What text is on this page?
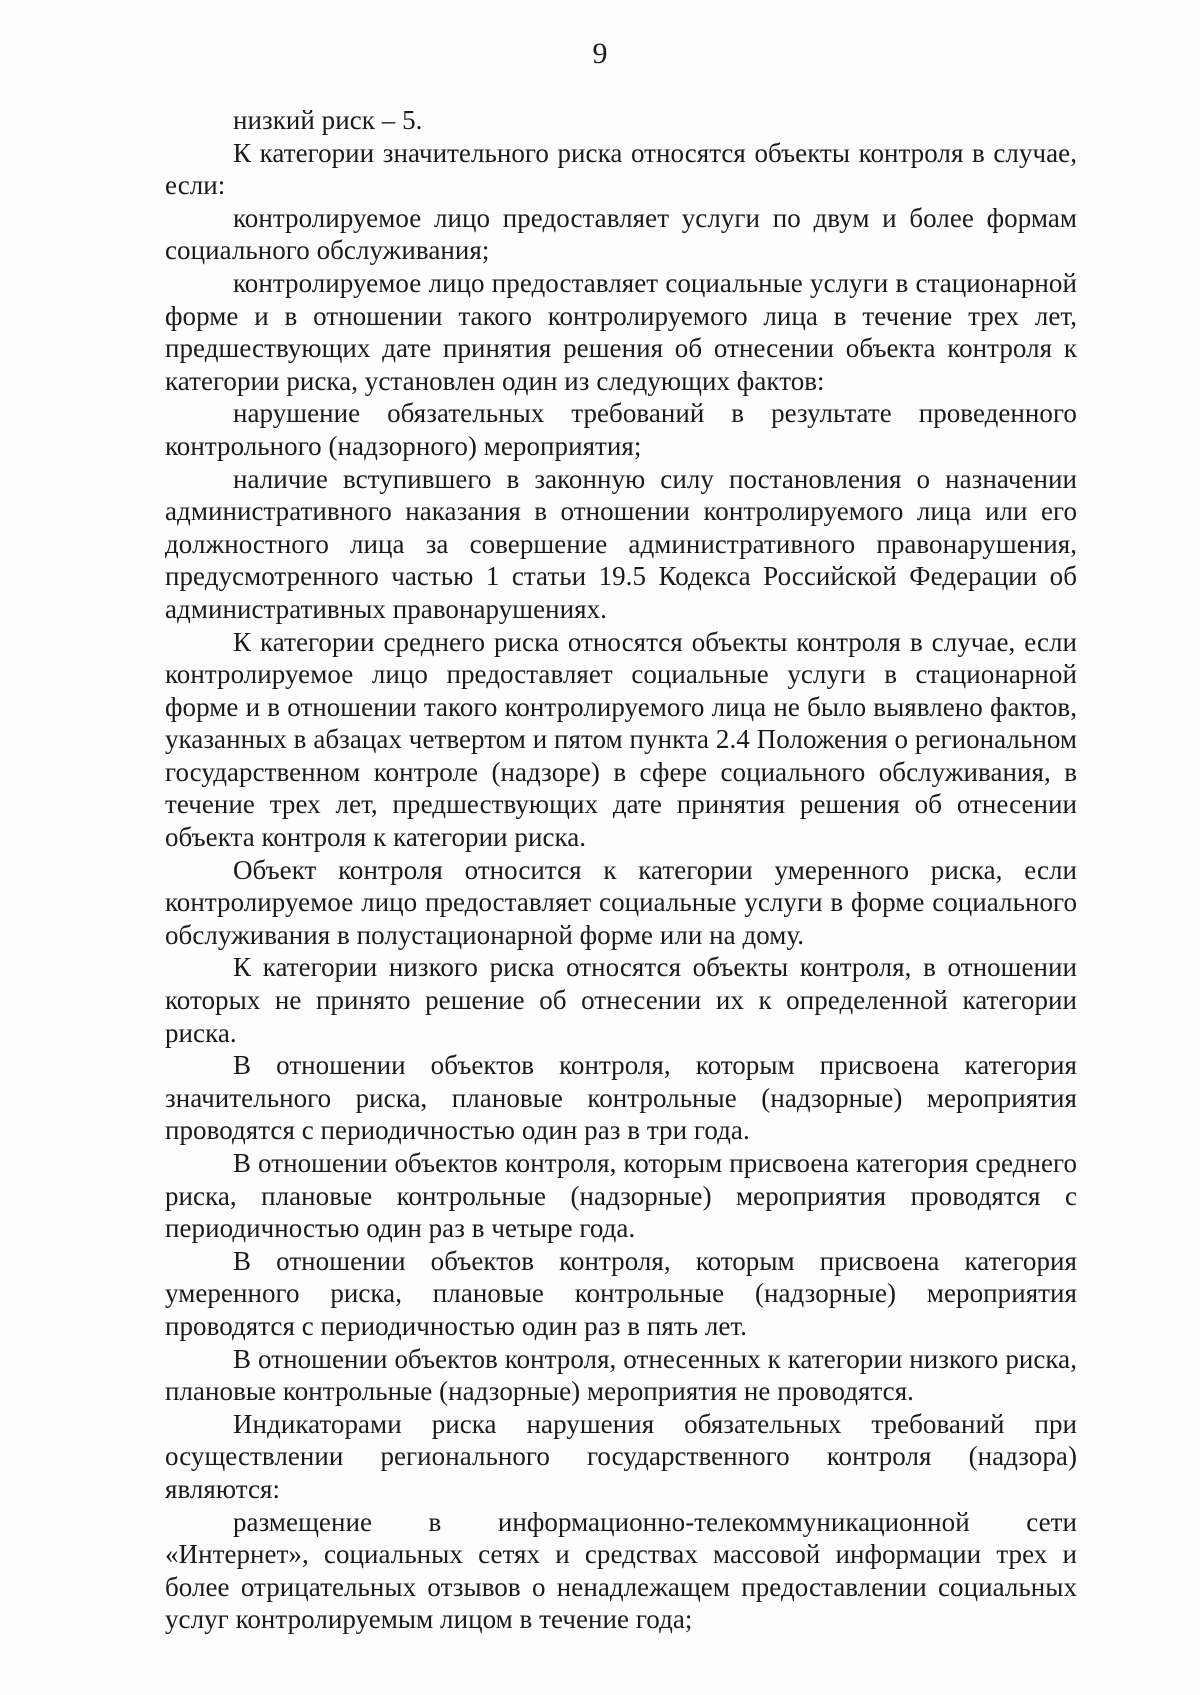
9

низкий риск – 5.

К категории значительного риска относятся объекты контроля в случае, если:

контролируемое лицо предоставляет услуги по двум и более формам социального обслуживания;

контролируемое лицо предоставляет социальные услуги в стационарной форме и в отношении такого контролируемого лица в течение трех лет, предшествующих дате принятия решения об отнесении объекта контроля к категории риска, установлен один из следующих фактов:

нарушение обязательных требований в результате проведенного контрольного (надзорного) мероприятия;

наличие вступившего в законную силу постановления о назначении административного наказания в отношении контролируемого лица или его должностного лица за совершение административного правонарушения, предусмотренного частью 1 статьи 19.5 Кодекса Российской Федерации об административных правонарушениях.

К категории среднего риска относятся объекты контроля в случае, если контролируемое лицо предоставляет социальные услуги в стационарной форме и в отношении такого контролируемого лица не было выявлено фактов, указанных в абзацах четвертом и пятом пункта 2.4 Положения о региональном государственном контроле (надзоре) в сфере социального обслуживания, в течение трех лет, предшествующих дате принятия решения об отнесении объекта контроля к категории риска.

Объект контроля относится к категории умеренного риска, если контролируемое лицо предоставляет социальные услуги в форме социального обслуживания в полустационарной форме или на дому.

К категории низкого риска относятся объекты контроля, в отношении которых не принято решение об отнесении их к определенной категории риска.

В отношении объектов контроля, которым присвоена категория значительного риска, плановые контрольные (надзорные) мероприятия проводятся с периодичностью один раз в три года.

В отношении объектов контроля, которым присвоена категория среднего риска, плановые контрольные (надзорные) мероприятия проводятся с периодичностью один раз в четыре года.

В отношении объектов контроля, которым присвоена категория умеренного риска, плановые контрольные (надзорные) мероприятия проводятся с периодичностью один раз в пять лет.

В отношении объектов контроля, отнесенных к категории низкого риска, плановые контрольные (надзорные) мероприятия не проводятся.

Индикаторами риска нарушения обязательных требований при осуществлении регионального государственного контроля (надзора) являются:

размещение в информационно-телекоммуникационной сети «Интернет», социальных сетях и средствах массовой информации трех и более отрицательных отзывов о ненадлежащем предоставлении социальных услуг контролируемым лицом в течение года;
